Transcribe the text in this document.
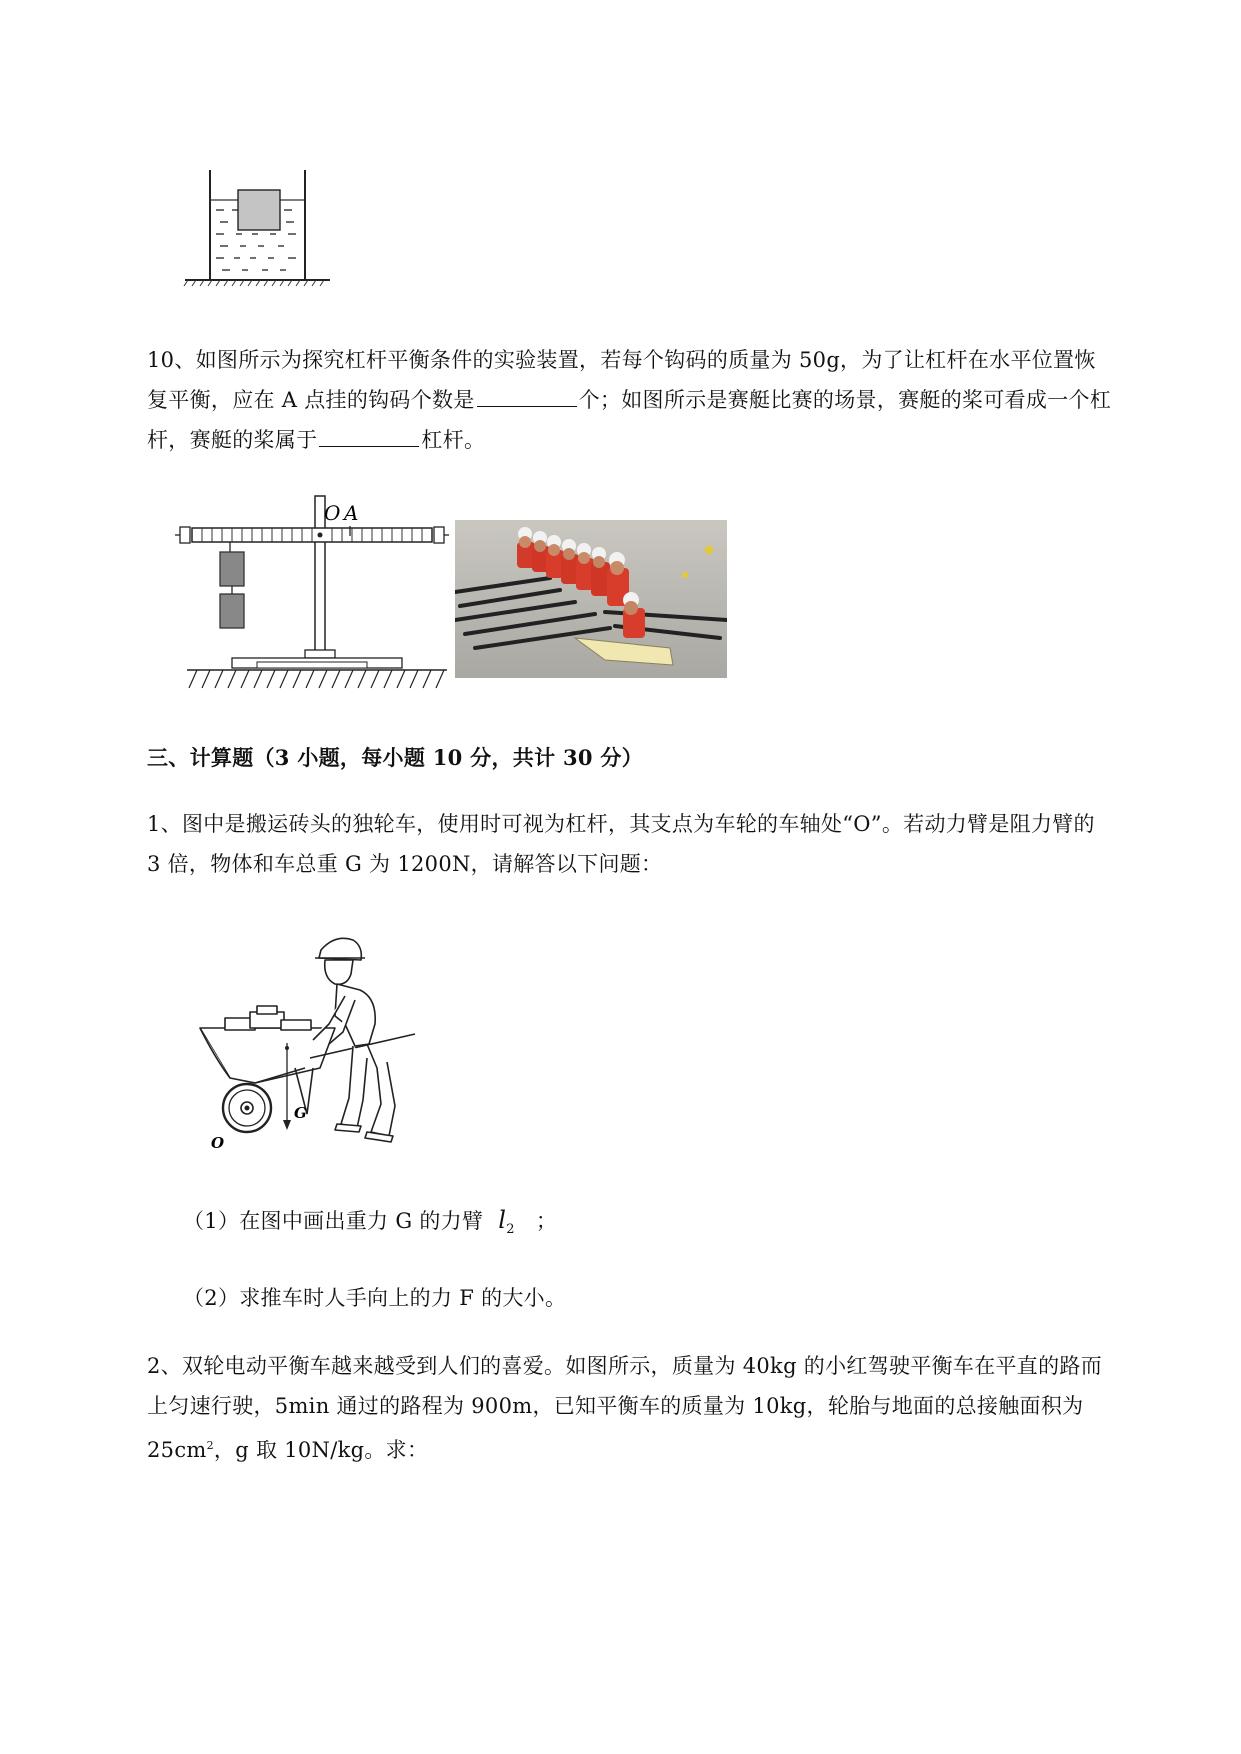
10、如图所示为探究杠杆平衡条件的实验装置，若每个钩码的质量为 50g，为了让杠杆在水平位置恢
复平衡，应在 A 点挂的钩码个数是	个；如图所示是赛艇比赛的场景，赛艇的桨可看成一个杠
杆，赛艇的桨属于	杠杆。
O A
三、计算题（3 小题，每小题 10 分，共计 30 分）
1、图中是搬运砖头的独轮车，使用时可视为杠杆，其支点为车轮的车轴处“O”。若动力臂是阻力臂的
3 倍，物体和车总重 G 为 1200N，请解答以下问题：
G
O
（1）在图中画出重力 G 的力臂 $l_2$ ；
（2）求推车时人手向上的力 F 的大小。
2、双轮电动平衡车越来越受到人们的喜爱。如图所示，质量为 40kg 的小红驾驶平衡车在平直的路而
上匀速行驶，5min 通过的路程为 900m，已知平衡车的质量为 10kg，轮胎与地面的总接触面积为
$25cm^2$，g 取 10N/kg。求：
